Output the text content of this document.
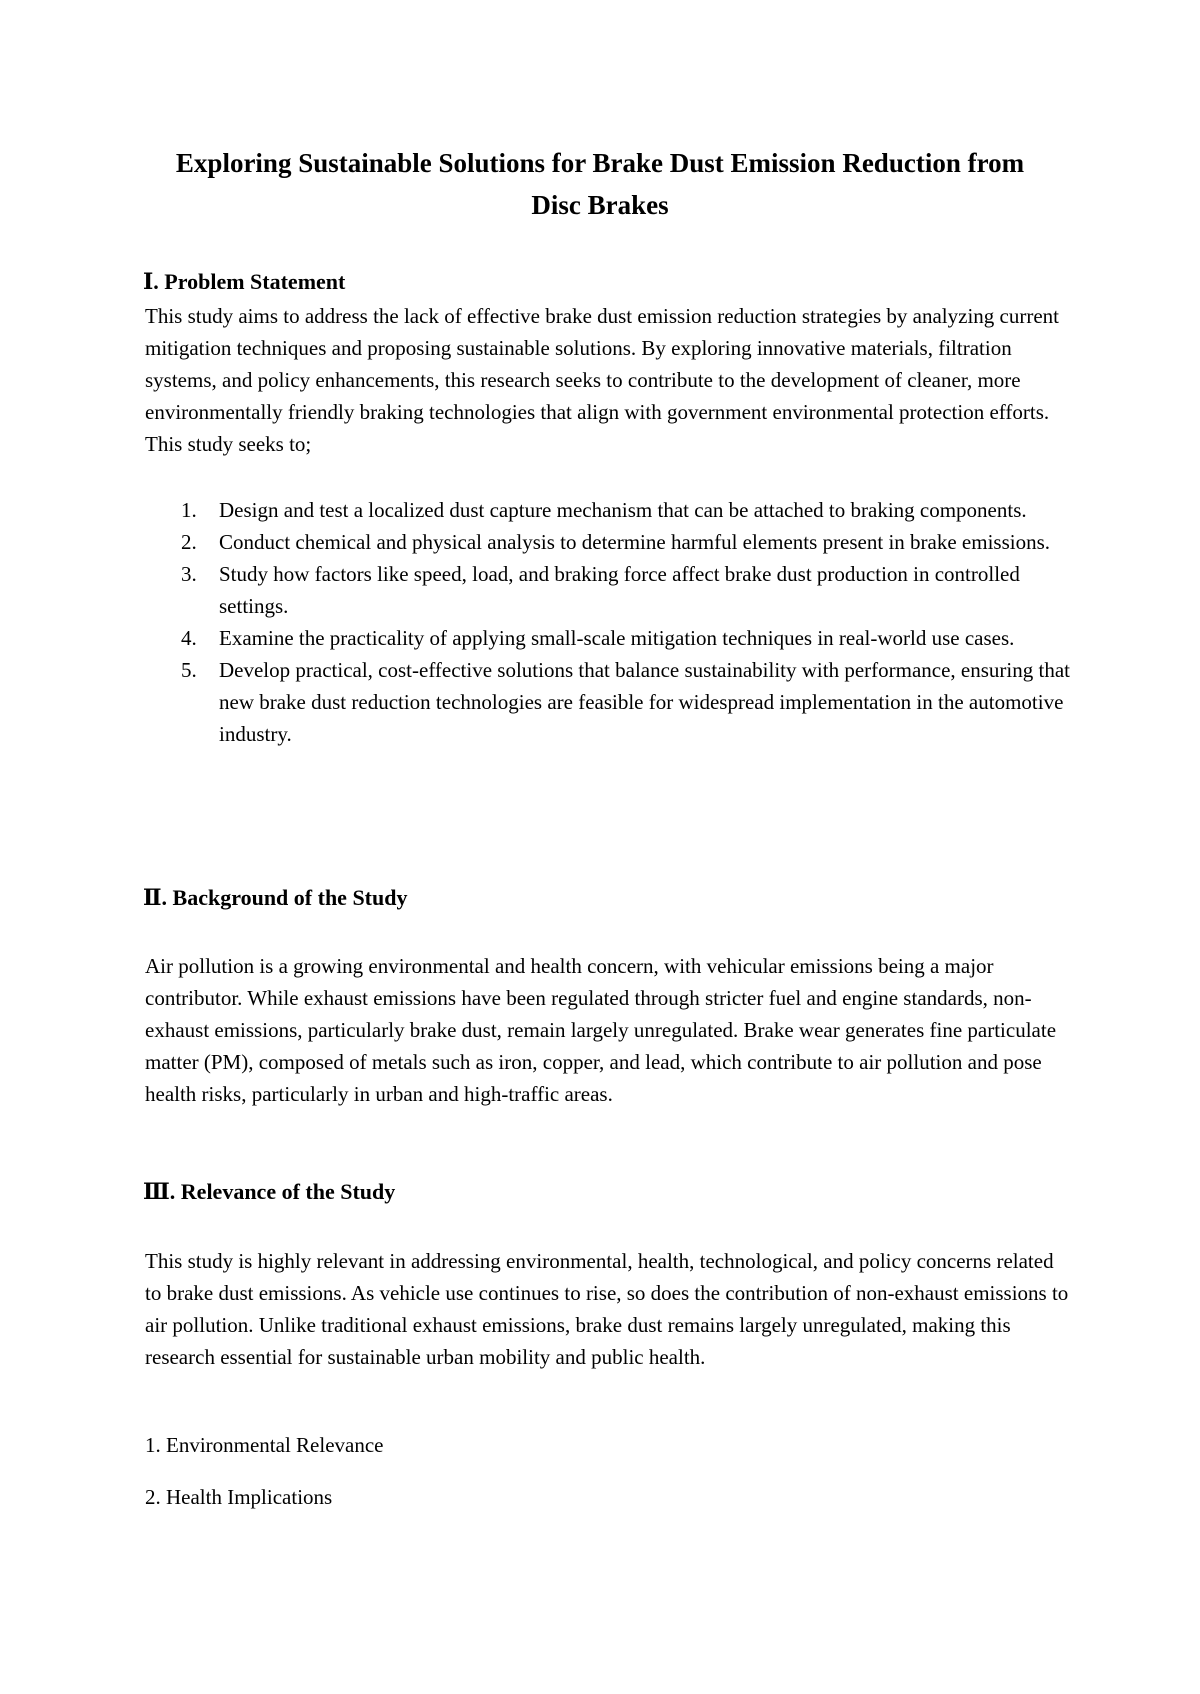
Exploring Sustainable Solutions for Brake Dust Emission Reduction from Disc Brakes
Ⅰ. Problem Statement

This study aims to address the lack of effective brake dust emission reduction strategies by analyzing current mitigation techniques and proposing sustainable solutions. By exploring innovative materials, filtration systems, and policy enhancements, this research seeks to contribute to the development of cleaner, more environmentally friendly braking technologies that align with government environmental protection efforts. This study seeks to;

1. Design and test a localized dust capture mechanism that can be attached to braking components.
2. Conduct chemical and physical analysis to determine harmful elements present in brake emissions.
3. Study how factors like speed, load, and braking force affect brake dust production in controlled settings.
4. Examine the practicality of applying small-scale mitigation techniques in real-world use cases.
5. Develop practical, cost-effective solutions that balance sustainability with performance, ensuring that new brake dust reduction technologies are feasible for widespread implementation in the automotive industry.
Ⅱ. Background of the Study

Air pollution is a growing environmental and health concern, with vehicular emissions being a major contributor. While exhaust emissions have been regulated through stricter fuel and engine standards, non-exhaust emissions, particularly brake dust, remain largely unregulated. Brake wear generates fine particulate matter (PM), composed of metals such as iron, copper, and lead, which contribute to air pollution and pose health risks, particularly in urban and high-traffic areas.

Ⅲ. Relevance of the Study

This study is highly relevant in addressing environmental, health, technological, and policy concerns related to brake dust emissions. As vehicle use continues to rise, so does the contribution of non-exhaust emissions to air pollution. Unlike traditional exhaust emissions, brake dust remains largely unregulated, making this research essential for sustainable urban mobility and public health.

1. Environmental Relevance

2. Health Implications
